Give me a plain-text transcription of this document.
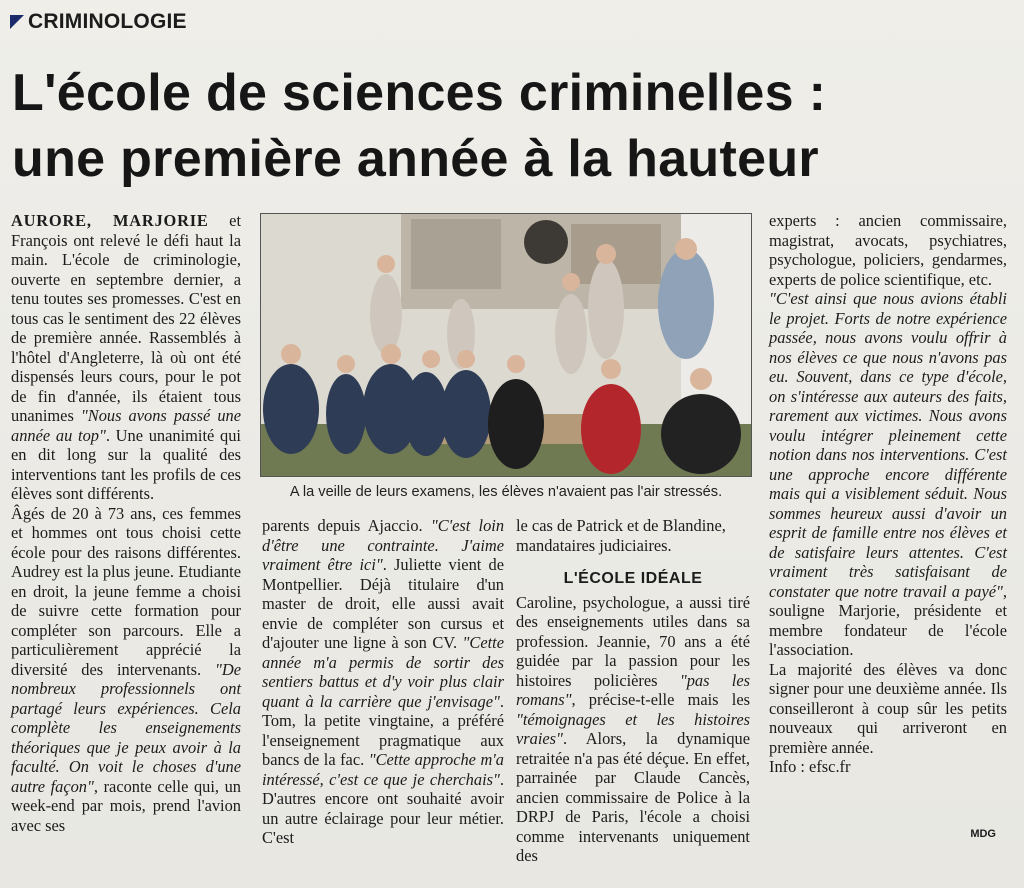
CRIMINOLOGIE
L'école de sciences criminelles :
une première année à la hauteur

AURORE, MARJORIE et François ont relevé le défi haut la main. L'école de criminologie, ouverte en septembre dernier, a tenu toutes ses promesses. C'est en tous cas le sentiment des 22 élèves de première année. Rassemblés à l'hôtel d'Angleterre, là où ont été dispensés leurs cours, pour le pot de fin d'année, ils étaient tous unanimes "Nous avons passé une année au top". Une unanimité qui en dit long sur la qualité des interventions tant les profils de ces élèves sont différents.

Âgés de 20 à 73 ans, ces femmes et hommes ont tous choisi cette école pour des raisons différentes. Audrey est la plus jeune. Etudiante en droit, la jeune femme a choisi de suivre cette formation pour compléter son parcours. Elle a particulièrement apprécié la diversité des intervenants. "De nombreux professionnels ont partagé leurs expériences. Cela complète les enseignements théoriques que je peux avoir à la faculté. On voit le choses d'une autre façon", raconte celle qui, un week-end par mois, prend l'avion avec ses

A la veille de leurs examens, les élèves n'avaient pas l'air stressés.

parents depuis Ajaccio. "C'est loin d'être une contrainte. J'aime vraiment être ici". Juliette vient de Montpellier. Déjà titulaire d'un master de droit, elle aussi avait envie de compléter son cursus et d'ajouter une ligne à son CV. "Cette année m'a permis de sortir des sentiers battus et d'y voir plus clair quant à la carrière que j'envisage". Tom, la petite vingtaine, a préféré l'enseignement pragmatique aux bancs de la fac. "Cette approche m'a intéressé, c'est ce que je cherchais". D'autres encore ont souhaité avoir un autre éclairage pour leur métier. C'est

le cas de Patrick et de Blandine, mandataires judiciaires.

L'ÉCOLE IDÉALE

Caroline, psychologue, a aussi tiré des enseignements utiles dans sa profession. Jeannie, 70 ans a été guidée par la passion pour les histoires policières "pas les romans", précise-t-elle mais les "témoignages et les histoires vraies". Alors, la dynamique retraitée n'a pas été déçue. En effet, parrainée par Claude Cancès, ancien commissaire de Police à la DRPJ de Paris, l'école a choisi comme intervenants uniquement des

experts : ancien commissaire, magistrat, avocats, psychiatres, psychologue, policiers, gendarmes, experts de police scientifique, etc.

"C'est ainsi que nous avions établi le projet. Forts de notre expérience passée, nous avons voulu offrir à nos élèves ce que nous n'avons pas eu. Souvent, dans ce type d'école, on s'intéresse aux auteurs des faits, rarement aux victimes. Nous avons voulu intégrer pleinement cette notion dans nos interventions. C'est une approche encore différente mais qui a visiblement séduit. Nous sommes heureux aussi d'avoir un esprit de famille entre nos élèves et de satisfaire leurs attentes. C'est vraiment très satisfaisant de constater que notre travail a payé", souligne Marjorie, présidente et membre fondateur de l'école l'association.

La majorité des élèves va donc signer pour une deuxième année. Ils conseilleront à coup sûr les petits nouveaux qui arriveront en première année.

Info : efsc.fr

MDG
